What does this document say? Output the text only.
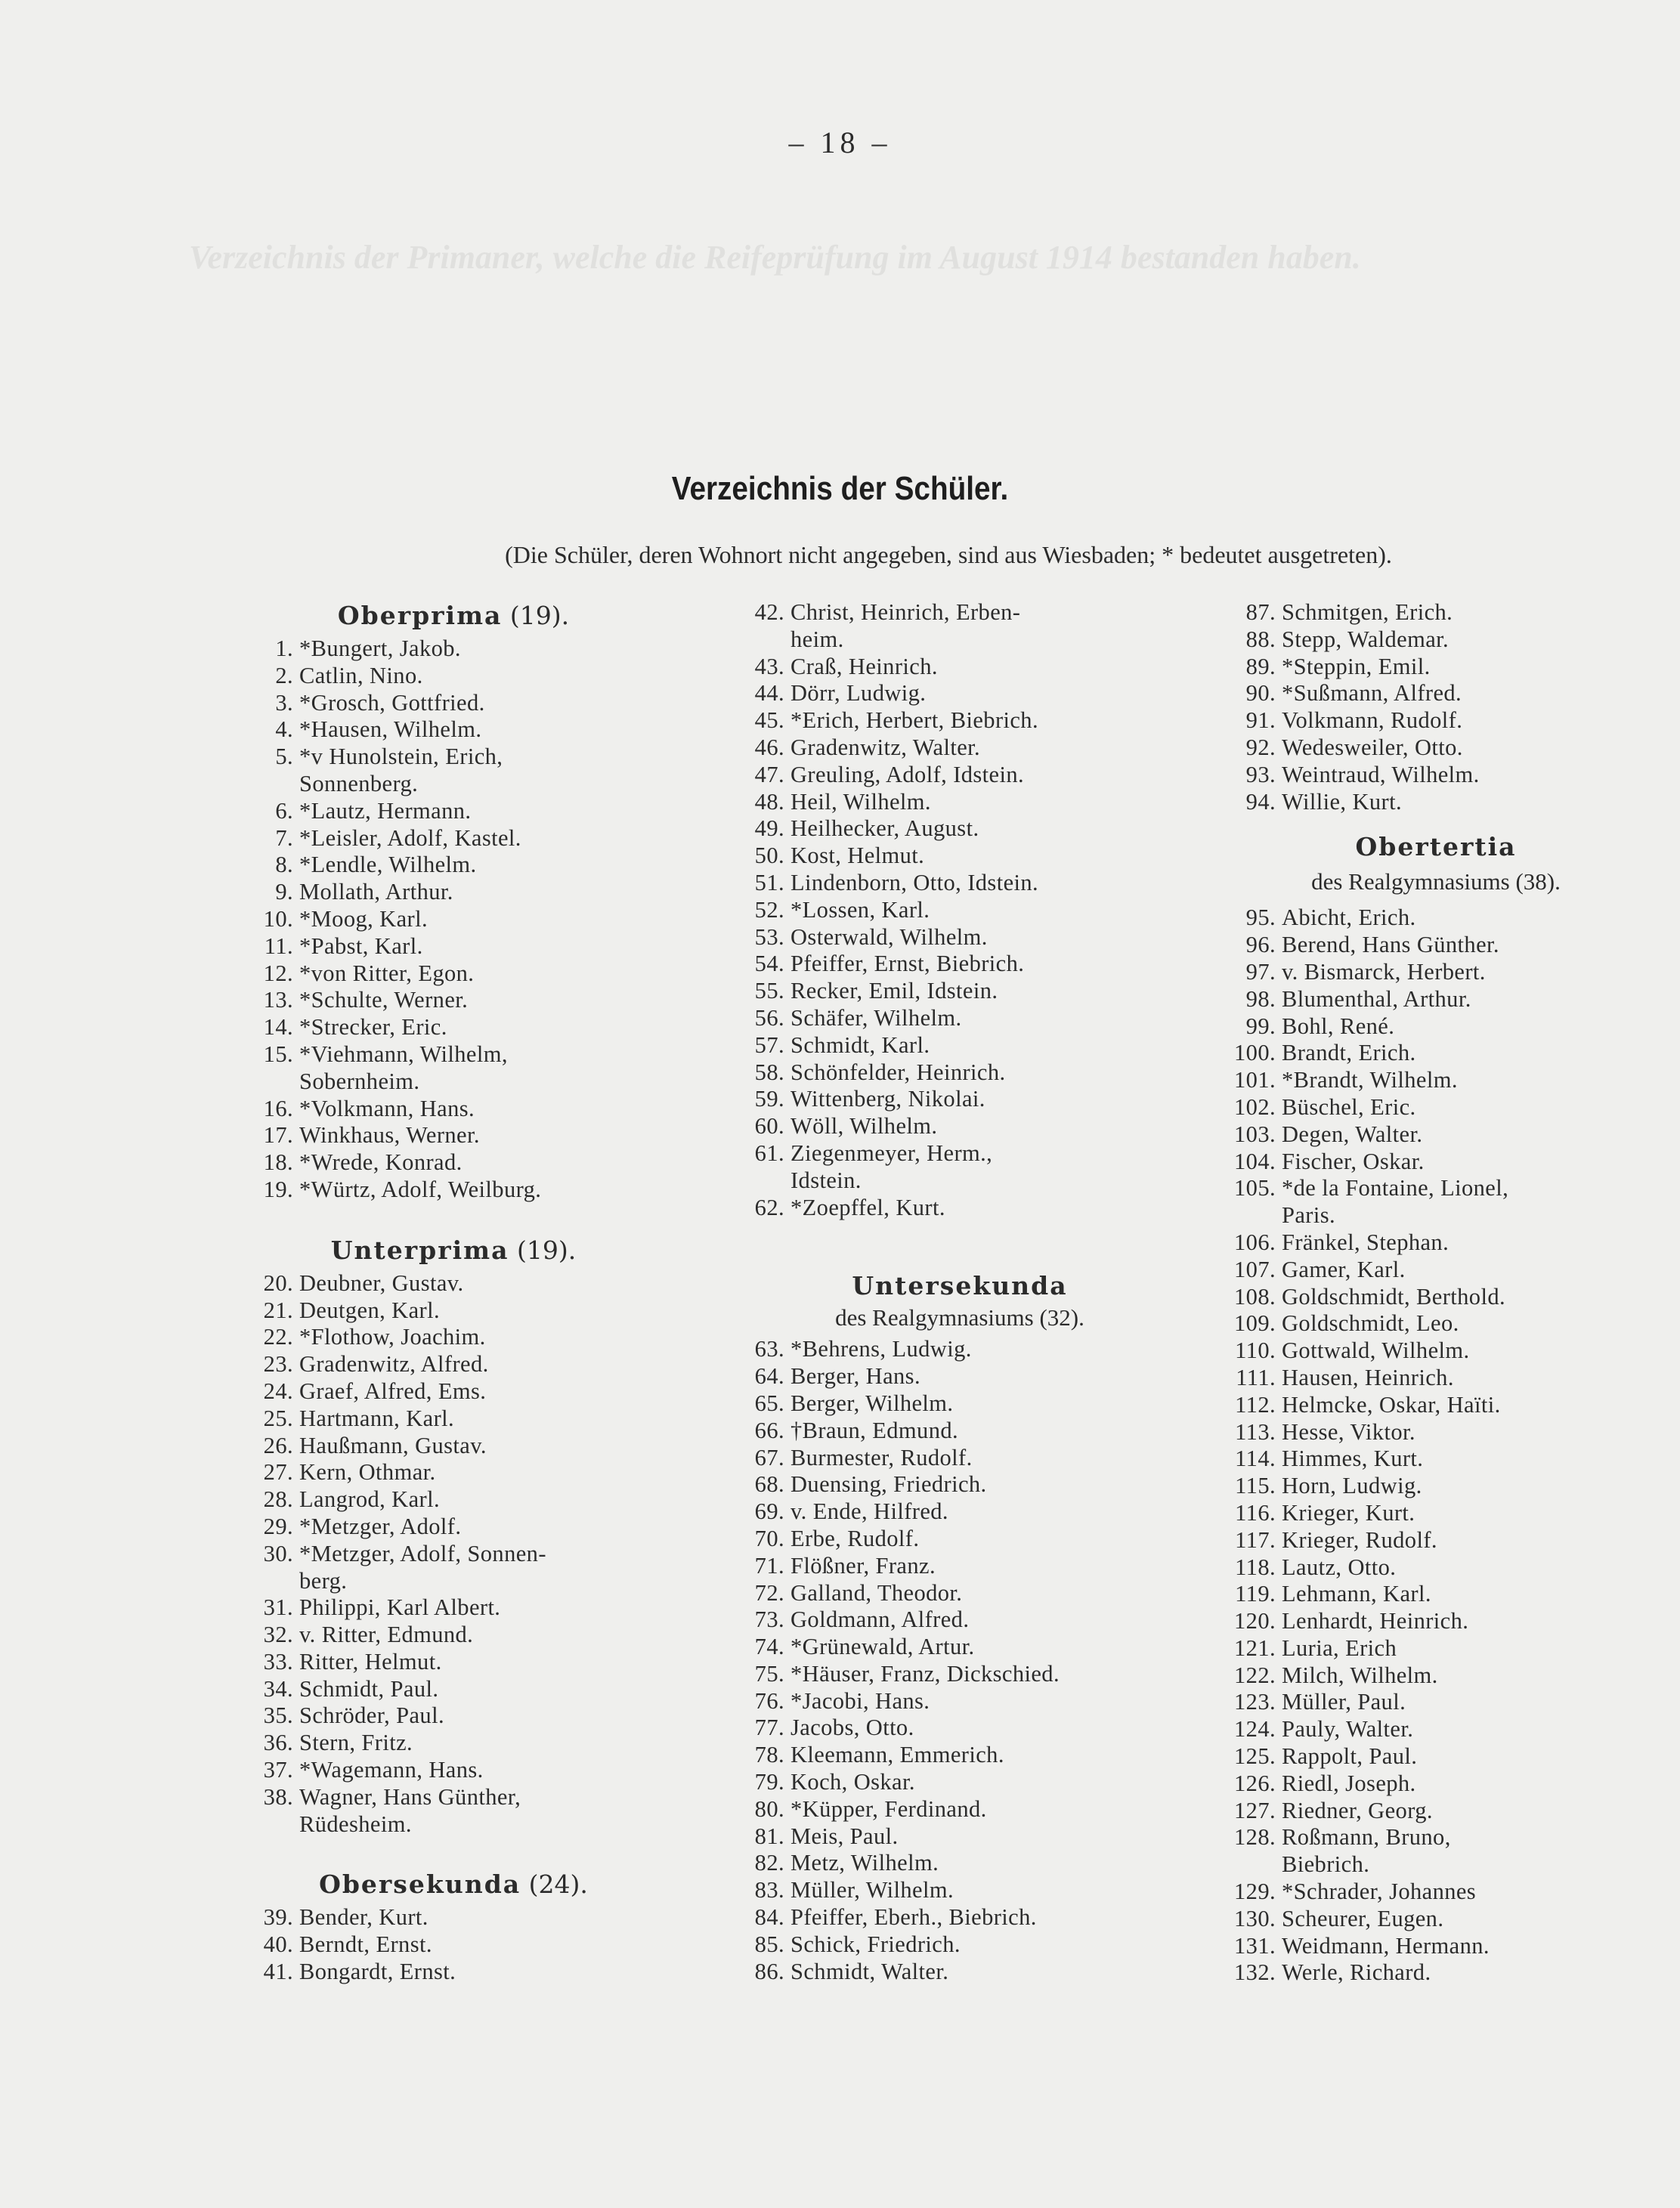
Verzeichnis der Primaner, welche die Reifeprüfung im August 1914 bestanden haben.
– 18 –
Verzeichnis der Schüler.
(Die Schüler, deren Wohnort nicht angegeben, sind aus Wiesbaden; * bedeutet ausgetreten).
Oberprima (19).
1. *Bungert, Jakob.
2. Catlin, Nino.
3. *Grosch, Gottfried.
4. *Hausen, Wilhelm.
5. *v Hunolstein, Erich,
Sonnenberg.
6. *Lautz, Hermann.
7. *Leisler, Adolf, Kastel.
8. *Lendle, Wilhelm.
9. Mollath, Arthur.
10. *Moog, Karl.
11. *Pabst, Karl.
12. *von Ritter, Egon.
13. *Schulte, Werner.
14. *Strecker, Eric.
15. *Viehmann, Wilhelm,
Sobernheim.
16. *Volkmann, Hans.
17. Winkhaus, Werner.
18. *Wrede, Konrad.
19. *Würtz, Adolf, Weilburg.
Unterprima (19).
20. Deubner, Gustav.
21. Deutgen, Karl.
22. *Flothow, Joachim.
23. Gradenwitz, Alfred.
24. Graef, Alfred, Ems.
25. Hartmann, Karl.
26. Haußmann, Gustav.
27. Kern, Othmar.
28. Langrod, Karl.
29. *Metzger, Adolf.
30. *Metzger, Adolf, Sonnen-
berg.
31. Philippi, Karl Albert.
32. v. Ritter, Edmund.
33. Ritter, Helmut.
34. Schmidt, Paul.
35. Schröder, Paul.
36. Stern, Fritz.
37. *Wagemann, Hans.
38. Wagner, Hans Günther,
Rüdesheim.
Obersekunda (24).
39. Bender, Kurt.
40. Berndt, Ernst.
41. Bongardt, Ernst.
42. Christ, Heinrich, Erben-
heim.
43. Craß, Heinrich.
44. Dörr, Ludwig.
45. *Erich, Herbert, Biebrich.
46. Gradenwitz, Walter.
47. Greuling, Adolf, Idstein.
48. Heil, Wilhelm.
49. Heilhecker, August.
50. Kost, Helmut.
51. Lindenborn, Otto, Idstein.
52. *Lossen, Karl.
53. Osterwald, Wilhelm.
54. Pfeiffer, Ernst, Biebrich.
55. Recker, Emil, Idstein.
56. Schäfer, Wilhelm.
57. Schmidt, Karl.
58. Schönfelder, Heinrich.
59. Wittenberg, Nikolai.
60. Wöll, Wilhelm.
61. Ziegenmeyer, Herm.,
Idstein.
62. *Zoepffel, Kurt.
Untersekunda
des Realgymnasiums (32).
63. *Behrens, Ludwig.
64. Berger, Hans.
65. Berger, Wilhelm.
66. †Braun, Edmund.
67. Burmester, Rudolf.
68. Duensing, Friedrich.
69. v. Ende, Hilfred.
70. Erbe, Rudolf.
71. Flößner, Franz.
72. Galland, Theodor.
73. Goldmann, Alfred.
74. *Grünewald, Artur.
75. *Häuser, Franz, Dickschied.
76. *Jacobi, Hans.
77. Jacobs, Otto.
78. Kleemann, Emmerich.
79. Koch, Oskar.
80. *Küpper, Ferdinand.
81. Meis, Paul.
82. Metz, Wilhelm.
83. Müller, Wilhelm.
84. Pfeiffer, Eberh., Biebrich.
85. Schick, Friedrich.
86. Schmidt, Walter.
87. Schmitgen, Erich.
88. Stepp, Waldemar.
89. *Steppin, Emil.
90. *Sußmann, Alfred.
91. Volkmann, Rudolf.
92. Wedesweiler, Otto.
93. Weintraud, Wilhelm.
94. Willie, Kurt.
Obertertia
des Realgymnasiums (38).
95. Abicht, Erich.
96. Berend, Hans Günther.
97. v. Bismarck, Herbert.
98. Blumenthal, Arthur.
99. Bohl, René.
100. Brandt, Erich.
101. *Brandt, Wilhelm.
102. Büschel, Eric.
103. Degen, Walter.
104. Fischer, Oskar.
105. *de la Fontaine, Lionel,
Paris.
106. Fränkel, Stephan.
107. Gamer, Karl.
108. Goldschmidt, Berthold.
109. Goldschmidt, Leo.
110. Gottwald, Wilhelm.
111. Hausen, Heinrich.
112. Helmcke, Oskar, Haïti.
113. Hesse, Viktor.
114. Himmes, Kurt.
115. Horn, Ludwig.
116. Krieger, Kurt.
117. Krieger, Rudolf.
118. Lautz, Otto.
119. Lehmann, Karl.
120. Lenhardt, Heinrich.
121. Luria, Erich
122. Milch, Wilhelm.
123. Müller, Paul.
124. Pauly, Walter.
125. Rappolt, Paul.
126. Riedl, Joseph.
127. Riedner, Georg.
128. Roßmann, Bruno,
Biebrich.
129. *Schrader, Johannes
130. Scheurer, Eugen.
131. Weidmann, Hermann.
132. Werle, Richard.
